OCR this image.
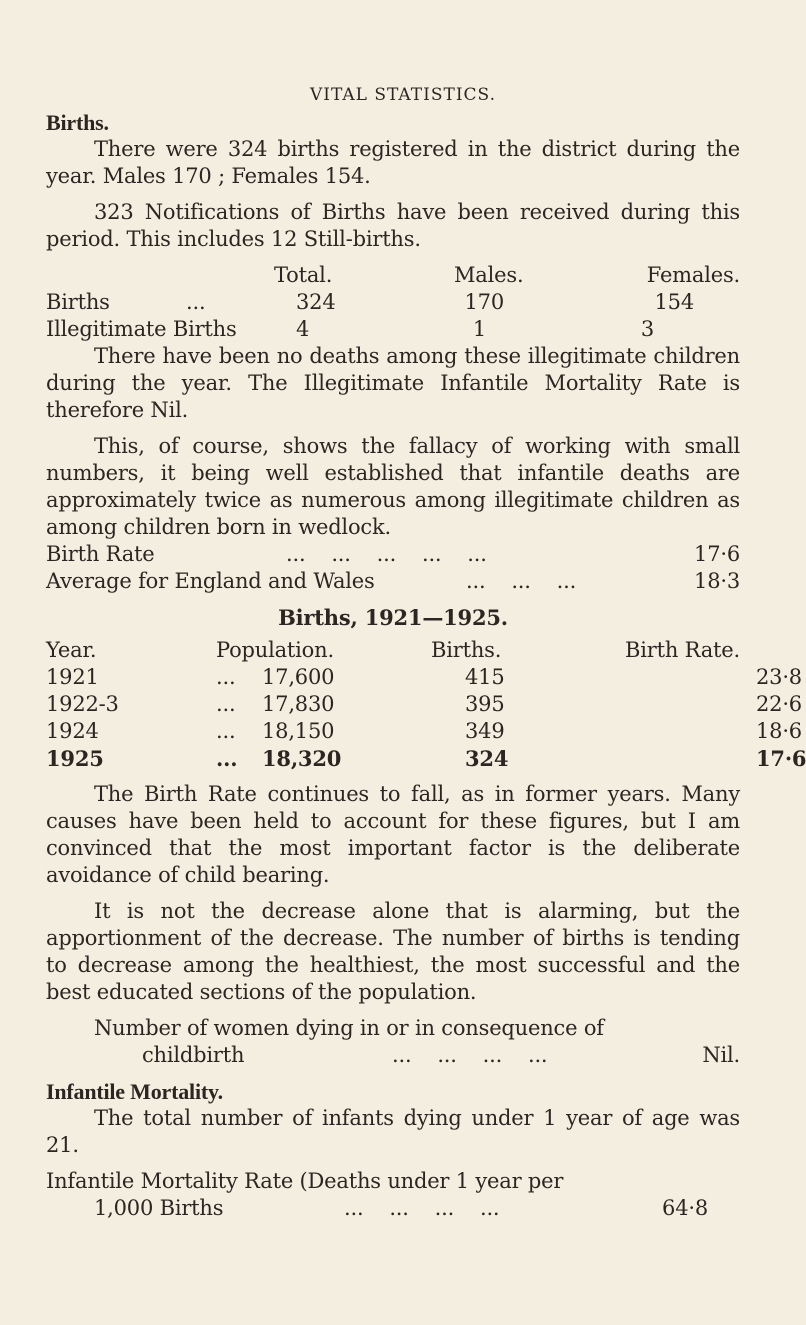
VITAL STATISTICS.
Births.

There were 324 births registered in the district during the year. Males 170 ; Females 154.

323 Notifications of Births have been received during this period. This includes 12 Still-births.

Total.	Males.	Females.
Births	...	324	170	154
Illegitimate Births	4	1	3

There have been no deaths among these illegitimate children during the year. The Illegitimate Infantile Mortality Rate is therefore Nil.

This, of course, shows the fallacy of working with small numbers, it being well established that infantile deaths are approximately twice as numerous among illegitimate children as among children born in wedlock.

Birth Rate	...    ...    ...    ...    ...	17·6
Average for England and Wales	...    ...    ...	18·3
Births, 1921—1925.
Year.	Population.	Births.	Birth Rate.
1921	...	17,600	415	23·8
1922-3	...	17,830	395	22·6
1924	...	18,150	349	18·6
1925	...	18,320	324	17·6

The Birth Rate continues to fall, as in former years. Many causes have been held to account for these figures, but I am convinced that the most important factor is the deliberate avoidance of child bearing.

It is not the decrease alone that is alarming, but the apportionment of the decrease. The number of births is tending to decrease among the healthiest, the most successful and the best educated sections of the population.

Number of women dying in or in consequence of
childbirth	...    ...    ...    ...	Nil.
Infantile Mortality.

The total number of infants dying under 1 year of age was 21.

Infantile Mortality Rate (Deaths under 1 year per
1,000 Births	...    ...    ...    ...	64·8
